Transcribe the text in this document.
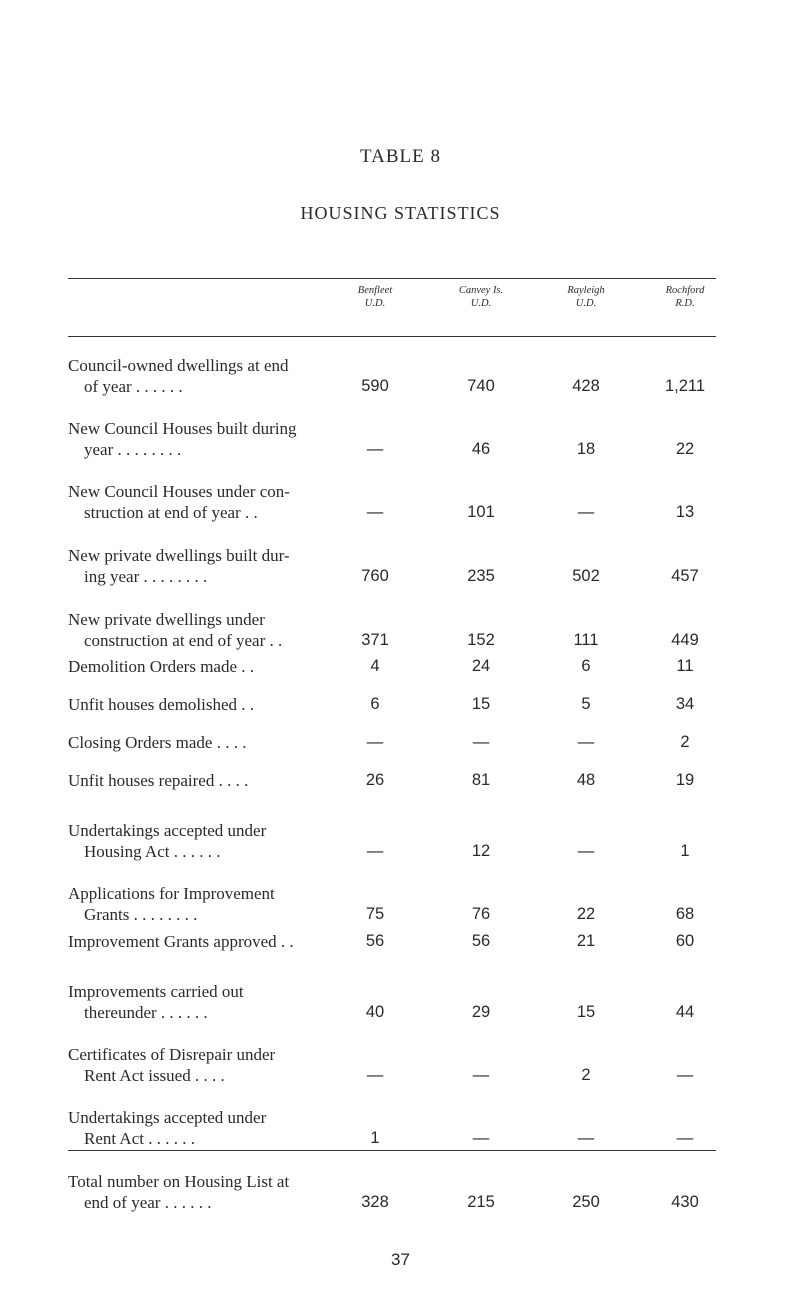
TABLE 8
HOUSING STATISTICS
Benfleet
U.D.
Canvey Is.
U.D.
Rayleigh
U.D.
Rochford
R.D.
Council-owned dwellings at end
of year . . . . . .	590	740	428	1,211
New Council Houses built during
year . . . . . . . .	—	46	18	22
New Council Houses under con-
struction at end of year . .	—	101	—	13
New private dwellings built dur-
ing year . . . . . . . .	760	235	502	457
New private dwellings under
construction at end of year . .	371	152	111	449
Demolition Orders made . .	4	24	6	11
Unfit houses demolished . .	6	15	5	34
Closing Orders made . . . .	—	—	—	2
Unfit houses repaired . . . .	26	81	48	19
Undertakings accepted under
Housing Act . . . . . .	—	12	—	1
Applications for Improvement
Grants . . . . . . . .	75	76	22	68
Improvement Grants approved . .	56	56	21	60
Improvements carried out
thereunder . . . . . .	40	29	15	44
Certificates of Disrepair under
Rent Act issued . . . .	—	—	2	—
Undertakings accepted under
Rent Act . . . . . .	1	—	—	—
Total number on Housing List at
end of year . . . . . .	328	215	250	430
37
